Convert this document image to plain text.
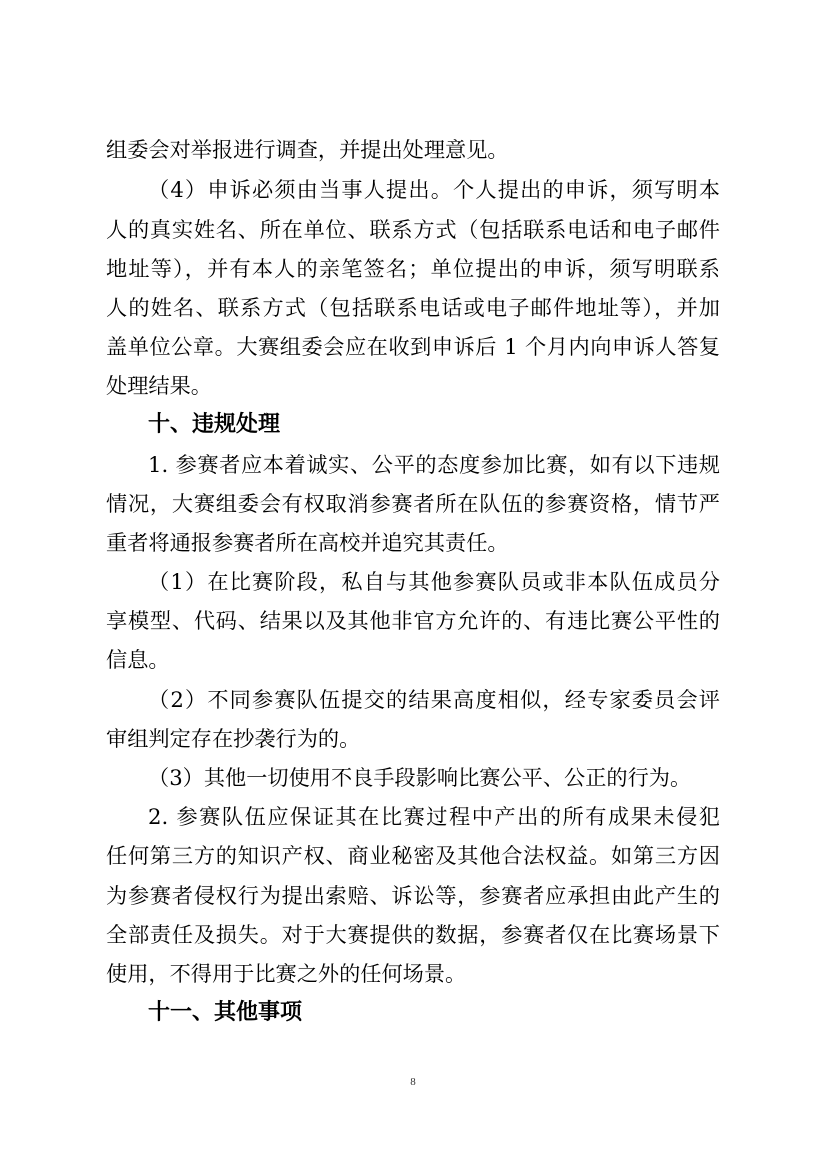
组委会对举报进行调查，并提出处理意见。
（4）申诉必须由当事人提出。个人提出的申诉，须写明本
人的真实姓名、所在单位、联系方式（包括联系电话和电子邮件
地址等），并有本人的亲笔签名；单位提出的申诉，须写明联系
人的姓名、联系方式（包括联系电话或电子邮件地址等），并加
盖单位公章。大赛组委会应在收到申诉后 1 个月内向申诉人答复
处理结果。
十、违规处理
1. 参赛者应本着诚实、公平的态度参加比赛，如有以下违规
情况，大赛组委会有权取消参赛者所在队伍的参赛资格，情节严
重者将通报参赛者所在高校并追究其责任。
（1）在比赛阶段，私自与其他参赛队员或非本队伍成员分
享模型、代码、结果以及其他非官方允许的、有违比赛公平性的
信息。
（2）不同参赛队伍提交的结果高度相似，经专家委员会评
审组判定存在抄袭行为的。
（3）其他一切使用不良手段影响比赛公平、公正的行为。
2. 参赛队伍应保证其在比赛过程中产出的所有成果未侵犯
任何第三方的知识产权、商业秘密及其他合法权益。如第三方因
为参赛者侵权行为提出索赔、诉讼等，参赛者应承担由此产生的
全部责任及损失。对于大赛提供的数据，参赛者仅在比赛场景下
使用，不得用于比赛之外的任何场景。
十一、其他事项
8
